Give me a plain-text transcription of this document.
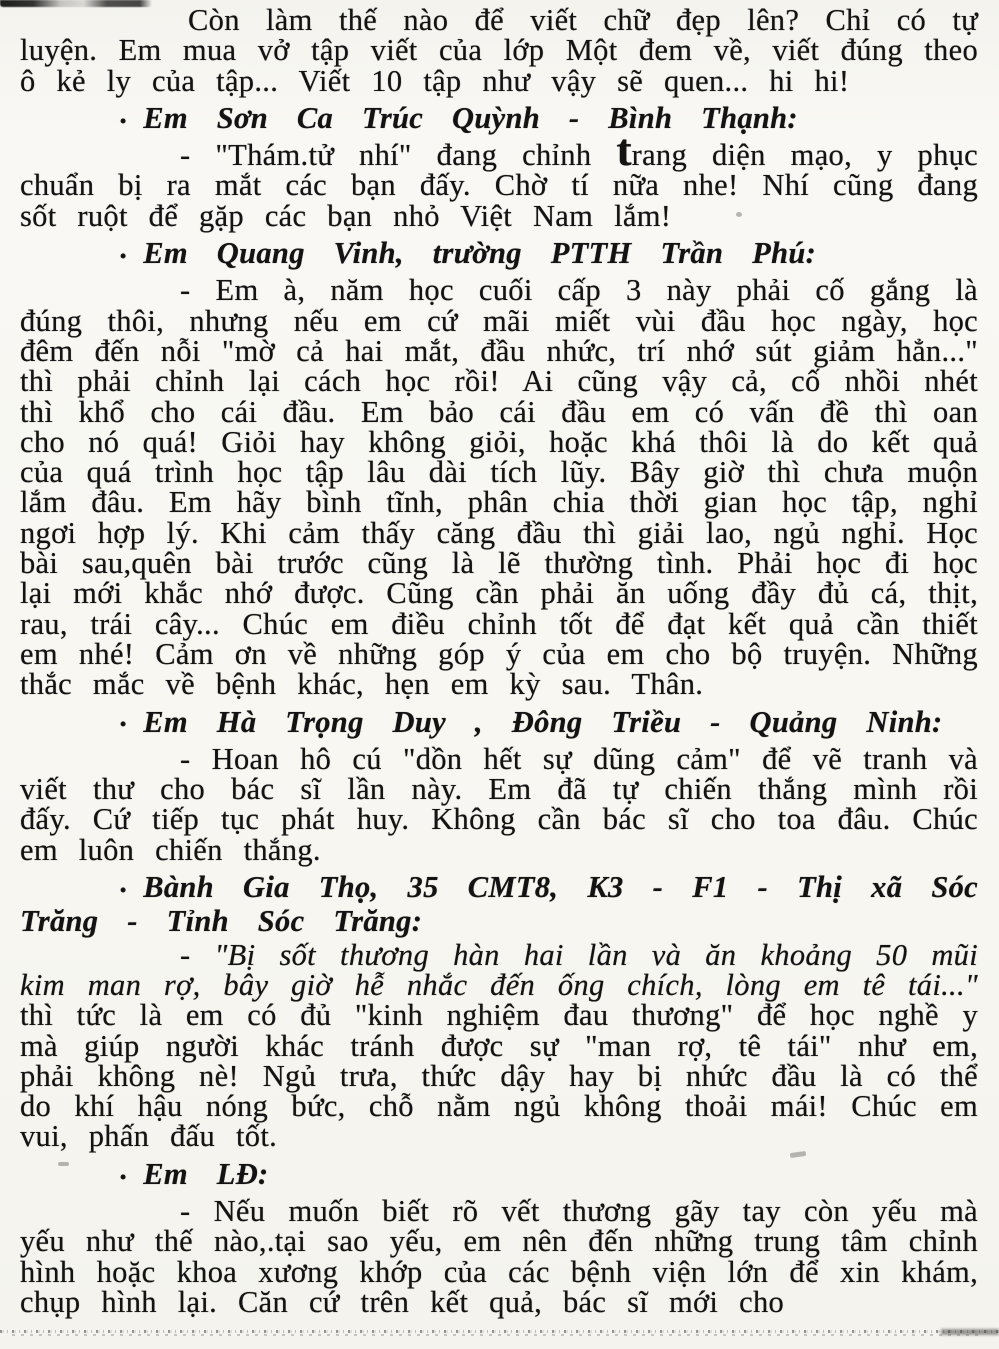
Còn làm thế nào để viết chữ đẹp lên? Chỉ có tự luyện. Em mua vở tập viết của lớp Một đem về, viết đúng theo ô kẻ ly của tập... Viết 10 tập như vậy sẽ quen... hi hi!

• Em Sơn Ca Trúc Quỳnh - Bình Thạnh:

- "Thám.tử nhí" đang chỉnh trang diện mạo, y phục chuẩn bị ra mắt các bạn đấy. Chờ tí nữa nhe! Nhí cũng đang sốt ruột để gặp các bạn nhỏ Việt Nam lắm!

• Em Quang Vinh, trường PTTH Trần Phú:

- Em à, năm học cuối cấp 3 này phải cố gắng là đúng thôi, nhưng nếu em cứ mãi miết vùi đầu học ngày, học đêm đến nỗi "mờ cả hai mắt, đầu nhức, trí nhớ sút giảm hẳn..." thì phải chỉnh lại cách học rồi! Ai cũng vậy cả, cố nhồi nhét thì khổ cho cái đầu. Em bảo cái đầu em có vấn đề thì oan cho nó quá! Giỏi hay không giỏi, hoặc khá thôi là do kết quả của quá trình học tập lâu dài tích lũy. Bây giờ thì chưa muộn lắm đâu. Em hãy bình tĩnh, phân chia thời gian học tập, nghỉ ngơi hợp lý. Khi cảm thấy căng đầu thì giải lao, ngủ nghỉ. Học bài sau,quên bài trước cũng là lẽ thường tình. Phải học đi học lại mới khắc nhớ được. Cũng cần phải ăn uống đầy đủ cá, thịt, rau, trái cây... Chúc em điều chỉnh tốt để đạt kết quả cần thiết em nhé! Cảm ơn về những góp ý của em cho bộ truyện. Những thắc mắc về bệnh khác, hẹn em kỳ sau. Thân.

• Em Hà Trọng Duy , Đông Triều - Quảng Ninh:

- Hoan hô cú "dồn hết sự dũng cảm" để vẽ tranh và viết thư cho bác sĩ lần này. Em đã tự chiến thắng mình rồi đấy. Cứ tiếp tục phát huy. Không cần bác sĩ cho toa đâu. Chúc em luôn chiến thắng.

• Bành Gia Thọ, 35 CMT8, K3 - F1 - Thị xã Sóc Trăng - Tỉnh Sóc Trăng:

- "Bị sốt thương hàn hai lần và ăn khoảng 50 mũi kim man rợ, bây giờ hễ nhắc đến ống chích, lòng em tê tái..." thì tức là em có đủ "kinh nghiệm đau thương" để học nghề y mà giúp người khác tránh được sự "man rợ, tê tái" như em, phải không nè! Ngủ trưa, thức dậy hay bị nhức đầu là có thể do khí hậu nóng bức, chỗ nằm ngủ không thoải mái! Chúc em vui, phấn đấu tốt.

• Em LĐ:

- Nếu muốn biết rõ vết thương gãy tay còn yếu mà yếu như thế nào,.tại sao yếu, em nên đến những trung tâm chỉnh hình hoặc khoa xương khớp của các bệnh viện lớn để xin khám, chụp hình lại. Căn cứ trên kết quả, bác sĩ mới cho
